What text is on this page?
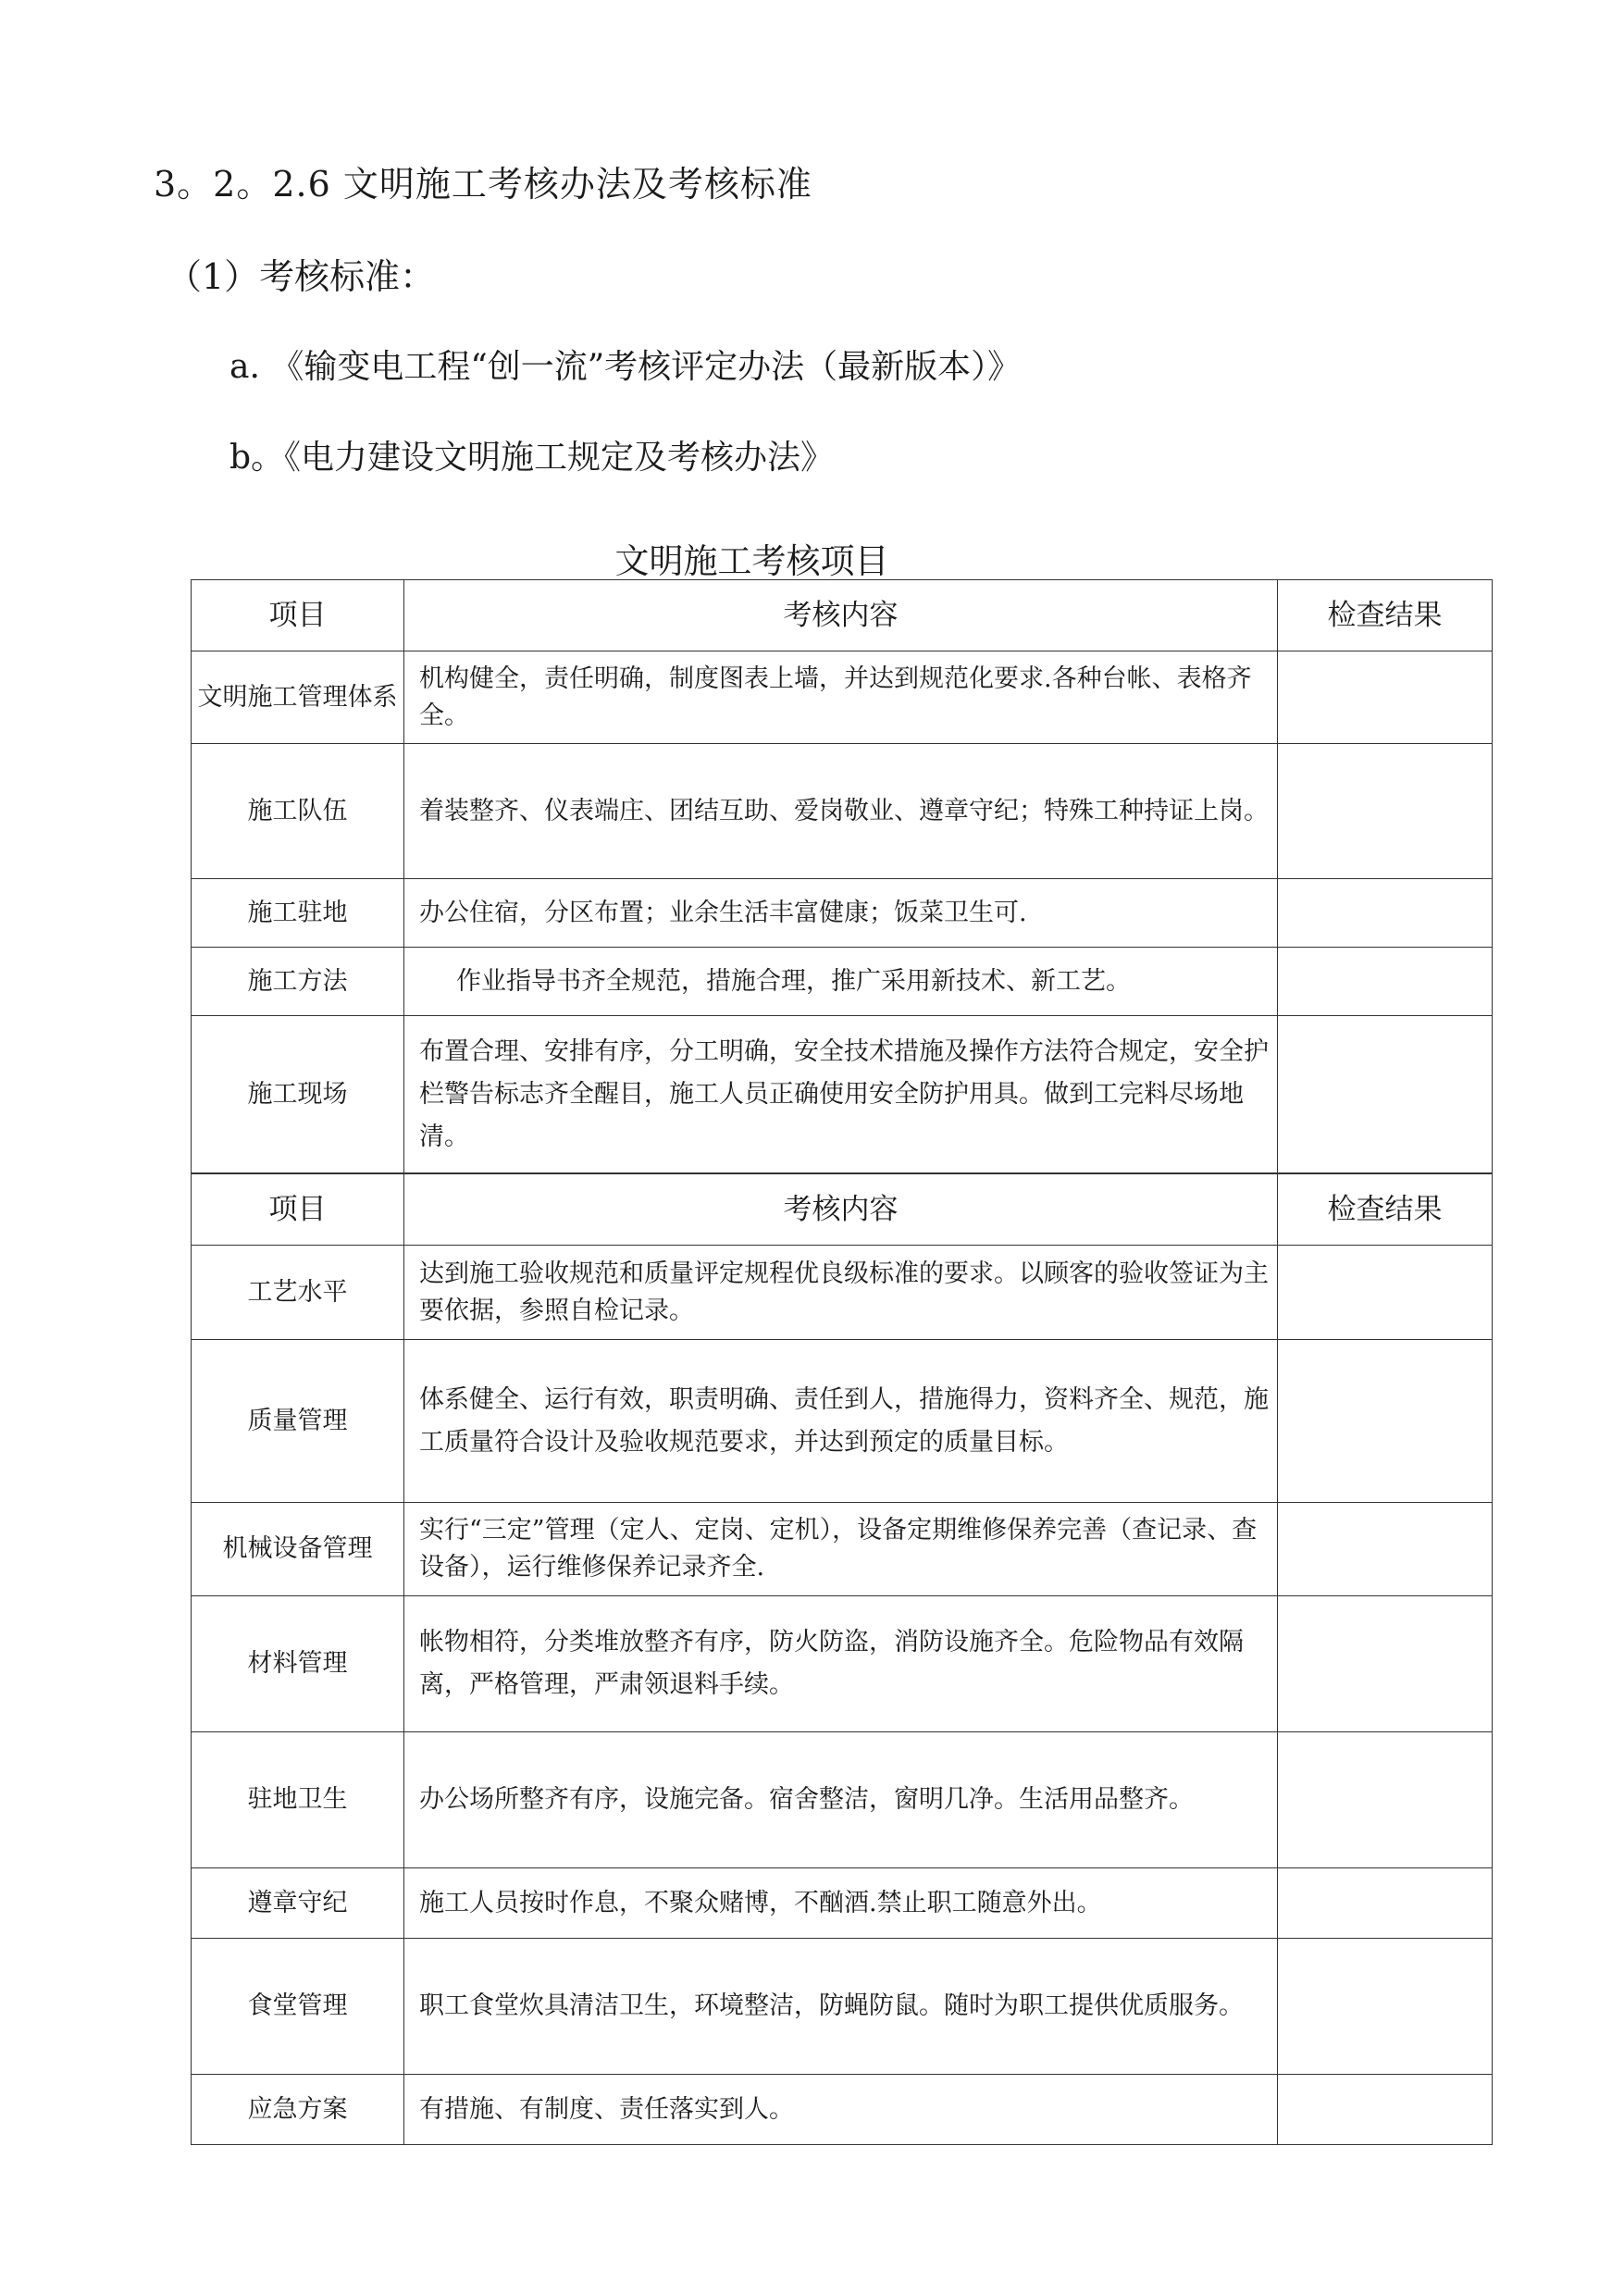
3。2。2.6 文明施工考核办法及考核标准
（1）考核标准：
a. 《输变电工程“创一流”考核评定办法（最新版本）》
b。《电力建设文明施工规定及考核办法》
文明施工考核项目
项目	考核内容	检查结果
文明施工管理体系	机构健全，责任明确，制度图表上墙，并达到规范化要求.各种台帐、表格齐全。	
施工队伍	着装整齐、仪表端庄、团结互助、爱岗敬业、遵章守纪；特殊工种持证上岗。	
施工驻地	办公住宿，分区布置；业余生活丰富健康；饭菜卫生可.	
施工方法	作业指导书齐全规范，措施合理，推广采用新技术、新工艺。	
施工现场	布置合理、安排有序，分工明确，安全技术措施及操作方法符合规定，安全护栏警告标志齐全醒目，施工人员正确使用安全防护用具。做到工完料尽场地清。	
项目	考核内容	检查结果
工艺水平	达到施工验收规范和质量评定规程优良级标准的要求。以顾客的验收签证为主要依据，参照自检记录。	
质量管理	体系健全、运行有效，职责明确、责任到人，措施得力，资料齐全、规范，施工质量符合设计及验收规范要求，并达到预定的质量目标。	
机械设备管理	实行“三定”管理（定人、定岗、定机），设备定期维修保养完善（查记录、查设备），运行维修保养记录齐全.	
材料管理	帐物相符，分类堆放整齐有序，防火防盗，消防设施齐全。危险物品有效隔离，严格管理，严肃领退料手续。	
驻地卫生	办公场所整齐有序，设施完备。宿舍整洁，窗明几净。生活用品整齐。	
遵章守纪	施工人员按时作息，不聚众赌博，不酗酒.禁止职工随意外出。	
食堂管理	职工食堂炊具清洁卫生，环境整洁，防蝇防鼠。随时为职工提供优质服务。	
应急方案	有措施、有制度、责任落实到人。	
